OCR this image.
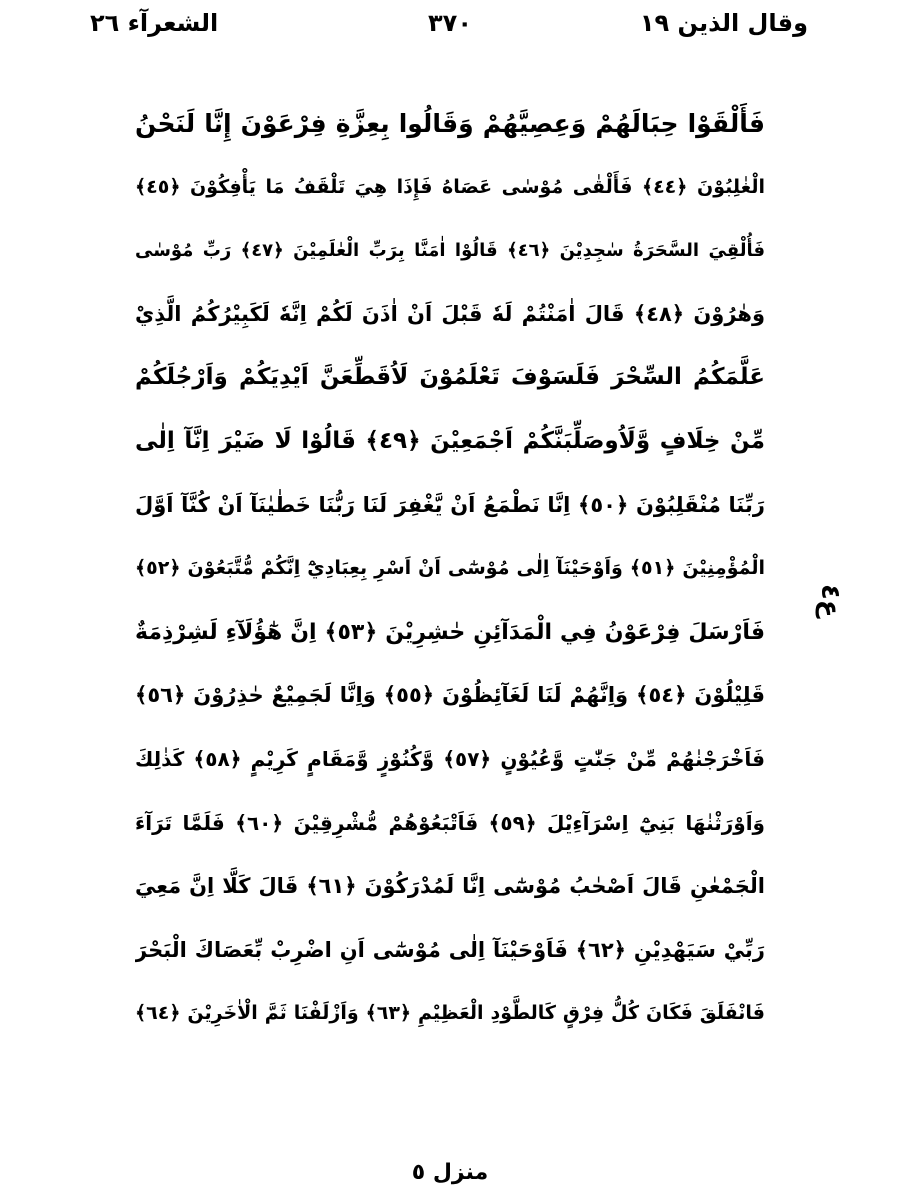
وقال الذين ١٩
٣٧٠
الشعرآء ٢٦
فَأَلْقَوْا حِبَالَهُمْ وَعِصِيَّهُمْ وَقَالُوا بِعِزَّةِ فِرْعَوْنَ إِنَّا لَنَحْنُ
الْغٰلِبُوْنَ ﴿٤٤﴾ فَأَلْقٰى مُوْسٰى عَصَاهُ فَإِذَا هِيَ تَلْقَفُ مَا يَأْفِكُوْنَ ﴿٤٥﴾
فَأُلْقِيَ السَّحَرَةُ سٰجِدِيْنَ ﴿٤٦﴾ قَالُوْا اٰمَنَّا بِرَبِّ الْعٰلَمِيْنَ ﴿٤٧﴾ رَبِّ مُوْسٰى
وَهٰرُوْنَ ﴿٤٨﴾ قَالَ اٰمَنْتُمْ لَهٗ قَبْلَ اَنْ اٰذَنَ لَكُمْ اِنَّهٗ لَكَبِيْرُكُمُ الَّذِيْ
عَلَّمَكُمُ السِّحْرَ فَلَسَوْفَ تَعْلَمُوْنَ لَاُقَطِّعَنَّ اَيْدِيَكُمْ وَاَرْجُلَكُمْ
مِّنْ خِلَافٍ وَّلَاُوصَلِّبَنَّكُمْ اَجْمَعِيْنَ ﴿٤٩﴾ قَالُوْا لَا ضَيْرَ اِنَّآ اِلٰى
رَبِّنَا مُنْقَلِبُوْنَ ﴿٥٠﴾ اِنَّا نَطْمَعُ اَنْ يَّغْفِرَ لَنَا رَبُّنَا خَطٰيٰنَآ اَنْ كُنَّآ اَوَّلَ
الْمُؤْمِنِيْنَ ﴿٥١﴾ وَاَوْحَيْنَآ اِلٰى مُوْسٰٓى اَنْ اَسْرِ بِعِبَادِيْٓ اِنَّكُمْ مُّتَّبَعُوْنَ ﴿٥٢﴾
فَاَرْسَلَ فِرْعَوْنُ فِي الْمَدَآئِنِ حٰشِرِيْنَ ﴿٥٣﴾ اِنَّ هٰٓؤُلَآءِ لَشِرْذِمَةٌ
قَلِيْلُوْنَ ﴿٥٤﴾ وَاِنَّهُمْ لَنَا لَغَآئِظُوْنَ ﴿٥٥﴾ وَاِنَّا لَجَمِيْعٌ حٰذِرُوْنَ ﴿٥٦﴾
فَاَخْرَجْنٰهُمْ مِّنْ جَنّٰتٍ وَّعُيُوْنٍ ﴿٥٧﴾ وَّكُنُوْزٍ وَّمَقَامٍ كَرِيْمٍ ﴿٥٨﴾ كَذٰلِكَ
وَاَوْرَثْنٰهَا بَنِيْٓ اِسْرَآءِيْلَ ﴿٥٩﴾ فَاَتْبَعُوْهُمْ مُّشْرِقِيْنَ ﴿٦٠﴾ فَلَمَّا تَرَآءَ
الْجَمْعٰنِ قَالَ اَصْحٰبُ مُوْسٰٓى اِنَّا لَمُدْرَكُوْنَ ﴿٦١﴾ قَالَ كَلَّا اِنَّ مَعِيَ
رَبِّيْ سَيَهْدِيْنِ ﴿٦٢﴾ فَاَوْحَيْنَآ اِلٰى مُوْسٰٓى اَنِ اضْرِبْ بِّعَصَاكَ الْبَحْرَ
فَانْفَلَقَ فَكَانَ كُلُّ فِرْقٍ كَالطَّوْدِ الْعَظِيْمِ ﴿٦٣﴾ وَاَزْلَفْنَا ثَمَّ الْاٰخَرِيْنَ ﴿٦٤﴾
ع٤
منزل ٥
